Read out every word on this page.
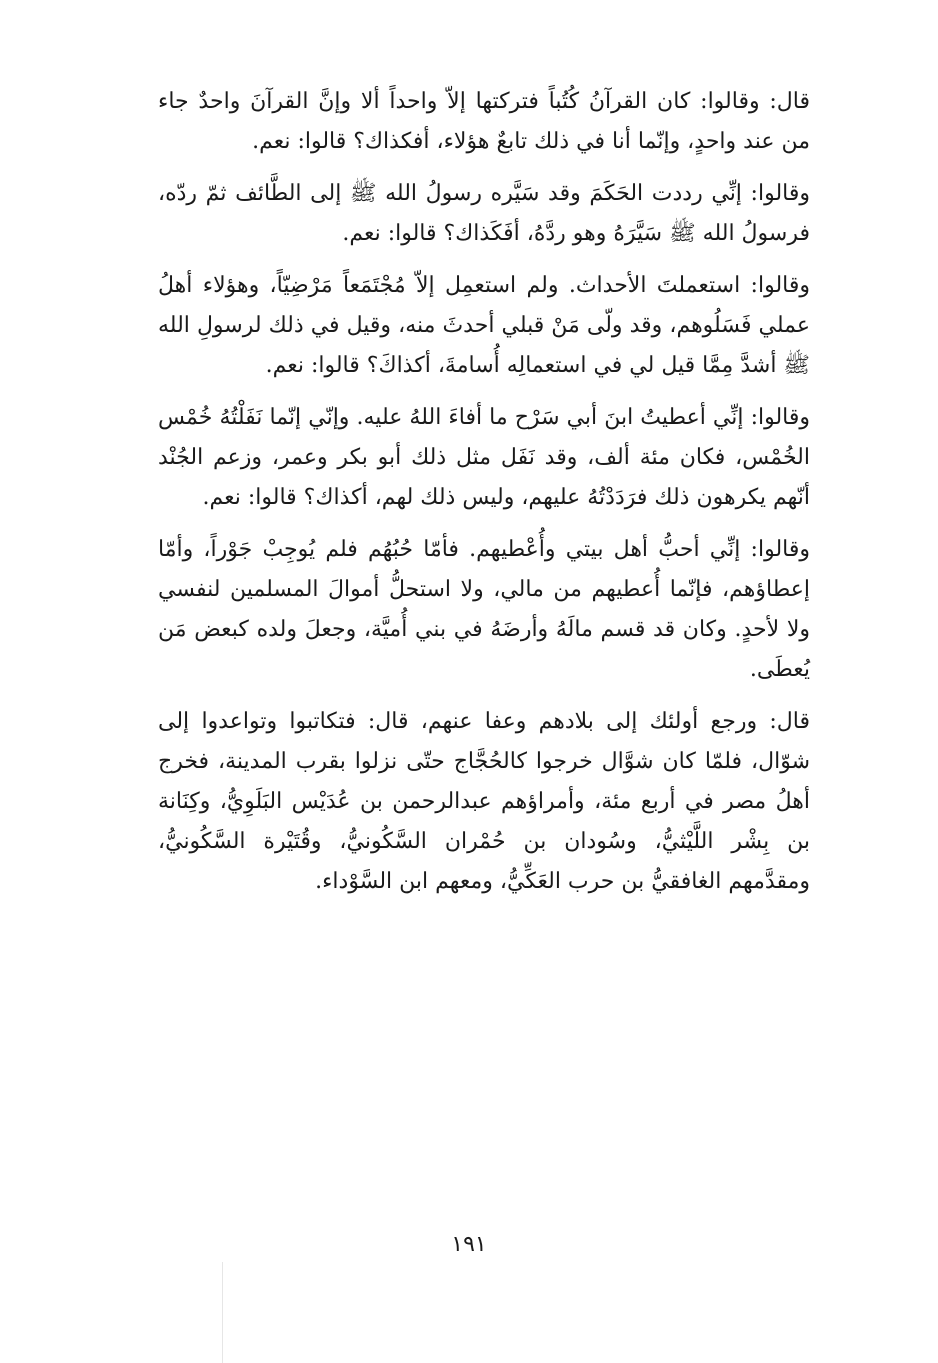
قال: وقالوا: كان القرآنُ كُتُباً فتركتها إلاّ واحداً ألا وإنَّ القرآنَ واحدٌ جاء من عند واحدٍ، وإنّما أنا في ذلك تابعٌ هؤلاء، أفكذاك؟ قالوا: نعم.

وقالوا: إنِّي رددت الحَكَمَ وقد سَيَّره رسولُ الله ﷺ إلى الطَّائف ثمّ ردّه، فرسولُ الله ﷺ سَيَّرَهُ وهو ردَّهُ، أفَكَذاك؟ قالوا: نعم.

وقالوا: استعملتَ الأحداث. ولم استعمِل إلاّ مُجْتَمَعاً مَرْضِيّاً، وهؤلاء أهلُ عملي فَسَلُوهم، وقد ولّى مَنْ قبلي أحدثَ منه، وقيل في ذلك لرسولِ الله ﷺ أشدَّ مِمَّا قيل لي في استعمالِه أُسامةَ، أكذاكَ؟ قالوا: نعم.

وقالوا: إنِّي أعطيتُ ابنَ أبي سَرْح ما أفاءَ اللهُ عليه. وإنّي إنّما نَفَلْتُهُ خُمْس الخُمْس، فكان مئة ألف، وقد نَفَل مثل ذلك أبو بكر وعمر، وزعم الجُنْد أنّهم يكرهون ذلك فرَدَدْتُهُ عليهم، وليس ذلك لهم، أكذاك؟ قالوا: نعم.

وقالوا: إنِّي أحبُّ أهل بيتي وأُعْطيهم. فأمّا حُبُهُم فلم يُوجِبْ جَوْراً، وأمّا إعطاؤهم، فإنّما أُعطيهم من مالي، ولا استحلُّ أموالَ المسلمين لنفسي ولا لأحدٍ. وكان قد قسم مالَهُ وأرضَهُ في بني أُميَّة، وجعلَ ولده كبعض مَن يُعطَى.

قال: ورجع أولئك إلى بلادهم وعفا عنهم، قال: فتكاتبوا وتواعدوا إلى شوّال، فلمّا كان شوَّال خرجوا كالحُجَّاج حتّى نزلوا بقرب المدينة، فخرج أهلُ مصر في أربع مئة، وأمراؤهم عبدالرحمن بن عُدَيْس البَلَوِيُّ، وكِنَانة بن بِشْر اللَّيْثيُّ، وسُودان بن حُمْران السَّكُونيُّ، وقُتَيْرة السَّكُونيُّ، ومقدَّمهم الغافقيُّ بن حرب العَكِّيُّ، ومعهم ابن السَّوْداء.

١٩١
